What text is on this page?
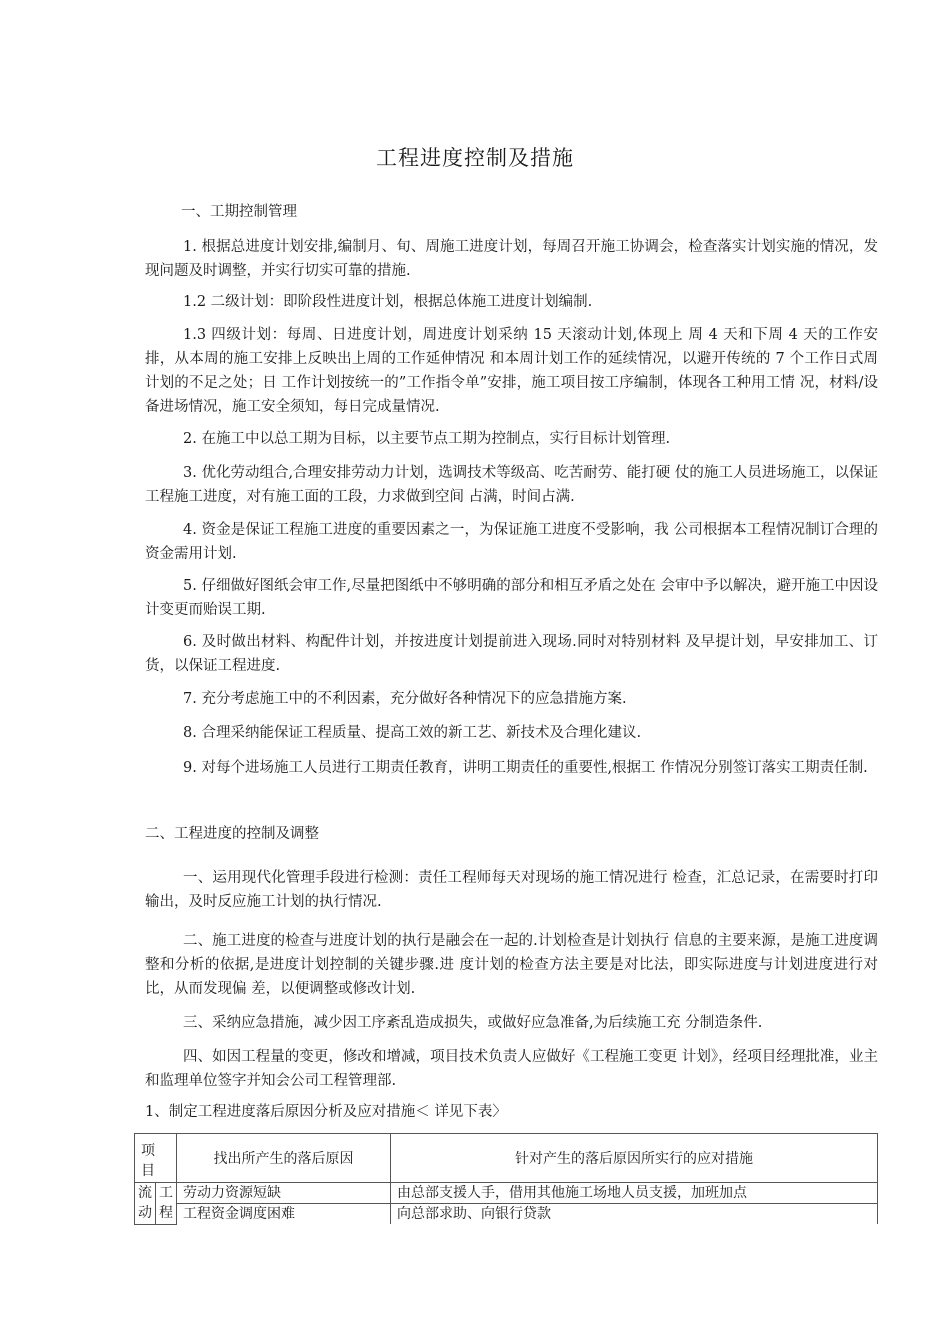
工程进度控制及措施

一、工期控制管理

1. 根据总进度计划安排,编制月、旬、周施工进度计划，每周召开施工协调会，检查落实计划实施的情况，发现问题及时调整，并实行切实可靠的措施.

1.2 二级计划：即阶段性进度计划，根据总体施工进度计划编制.

1.3 四级计划：每周、日进度计划，周进度计划采纳 15 天滚动计划,体现上 周 4 天和下周 4 天的工作安排，从本周的施工安排上反映出上周的工作延伸情况 和本周计划工作的延续情况，以避开传统的 7 个工作日式周计划的不足之处；日 工作计划按统一的”工作指令单”安排，施工项目按工序编制，体现各工种用工情 况，材料/设备进场情况，施工安全须知，每日完成量情况.

2. 在施工中以总工期为目标，以主要节点工期为控制点，实行目标计划管理.

3. 优化劳动组合,合理安排劳动力计划，选调技术等级高、吃苦耐劳、能打硬 仗的施工人员进场施工，以保证工程施工进度，对有施工面的工段，力求做到空间 占满，时间占满.

4. 资金是保证工程施工进度的重要因素之一，为保证施工进度不受影响，我 公司根据本工程情况制订合理的资金需用计划.

5. 仔细做好图纸会审工作,尽量把图纸中不够明确的部分和相互矛盾之处在 会审中予以解决，避开施工中因设计变更而贻误工期.

6. 及时做出材料、构配件计划，并按进度计划提前进入现场.同时对特别材料 及早提计划，早安排加工、订货，以保证工程进度.

7. 充分考虑施工中的不利因素，充分做好各种情况下的应急措施方案.

8. 合理采纳能保证工程质量、提高工效的新工艺、新技术及合理化建议.

9. 对每个进场施工人员进行工期责任教育，讲明工期责任的重要性,根据工 作情况分别签订落实工期责任制.

二、工程进度的控制及调整

一、运用现代化管理手段进行检测：责任工程师每天对现场的施工情况进行 检查，汇总记录，在需要时打印输出，及时反应施工计划的执行情况.

二、施工进度的检查与进度计划的执行是融会在一起的.计划检查是计划执行 信息的主要来源，是施工进度调整和分析的依据,是进度计划控制的关键步骤.进 度计划的检查方法主要是对比法，即实际进度与计划进度进行对比，从而发现偏 差，以便调整或修改计划.

三、采纳应急措施，减少因工序紊乱造成损失，或做好应急准备,为后续施工充 分制造条件.

四、如因工程量的变更，修改和增减，项目技术负责人应做好《工程施工变更 计划》，经项目经理批准，业主和监理单位签字并知会公司工程管理部.

1、制定工程进度落后原因分析及应对措施＜ 详见下表〉

项 目		找出所产生的落后原因	针对产生的落后原因所实行的应对措施
流动	工程	劳动力资源短缺	由总部支援人手，借用其他施工场地人员支援，加班加点
		工程资金调度困难	向总部求助、向银行贷款
